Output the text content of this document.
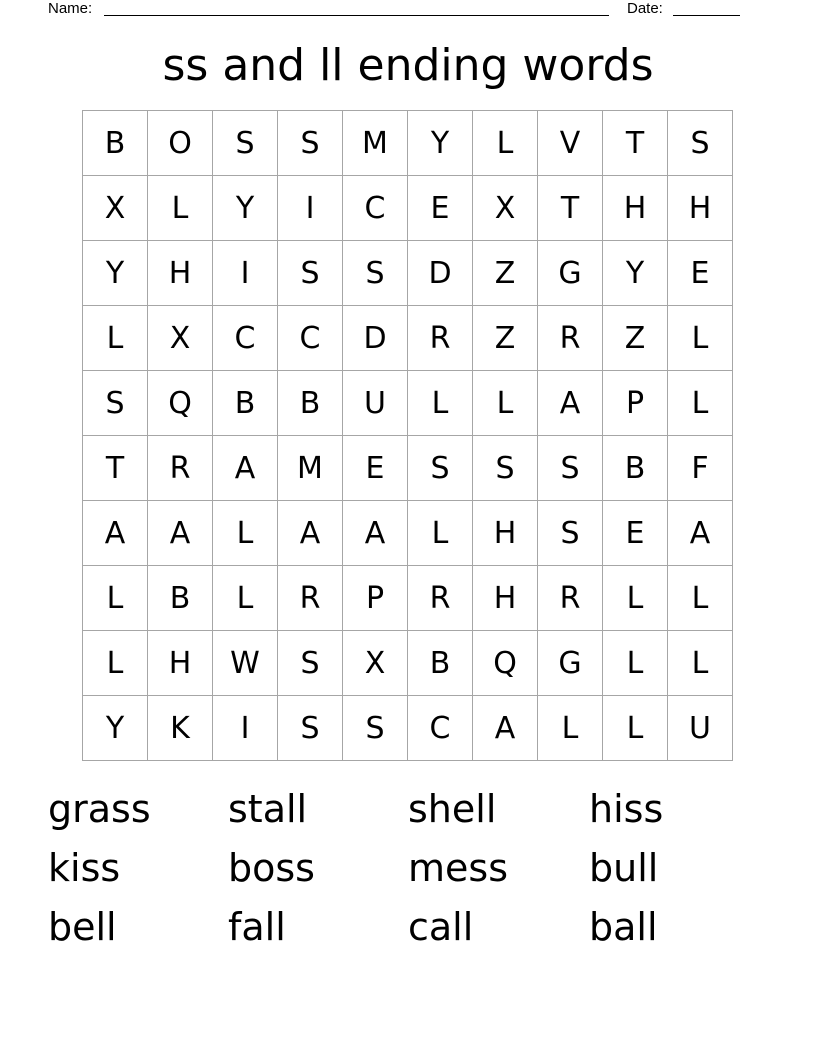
Name:	Date:
ss and ll ending words
B	O	S	S	M	Y	L	V	T	S
X	L	Y	I	C	E	X	T	H	H
Y	H	I	S	S	D	Z	G	Y	E
L	X	C	C	D	R	Z	R	Z	L
S	Q	B	B	U	L	L	A	P	L
T	R	A	M	E	S	S	S	B	F
A	A	L	A	A	L	H	S	E	A
L	B	L	R	P	R	H	R	L	L
L	H	W	S	X	B	Q	G	L	L
Y	K	I	S	S	C	A	L	L	U
grass	stall	shell	hiss
kiss	boss	mess	bull
bell	fall	call	ball
